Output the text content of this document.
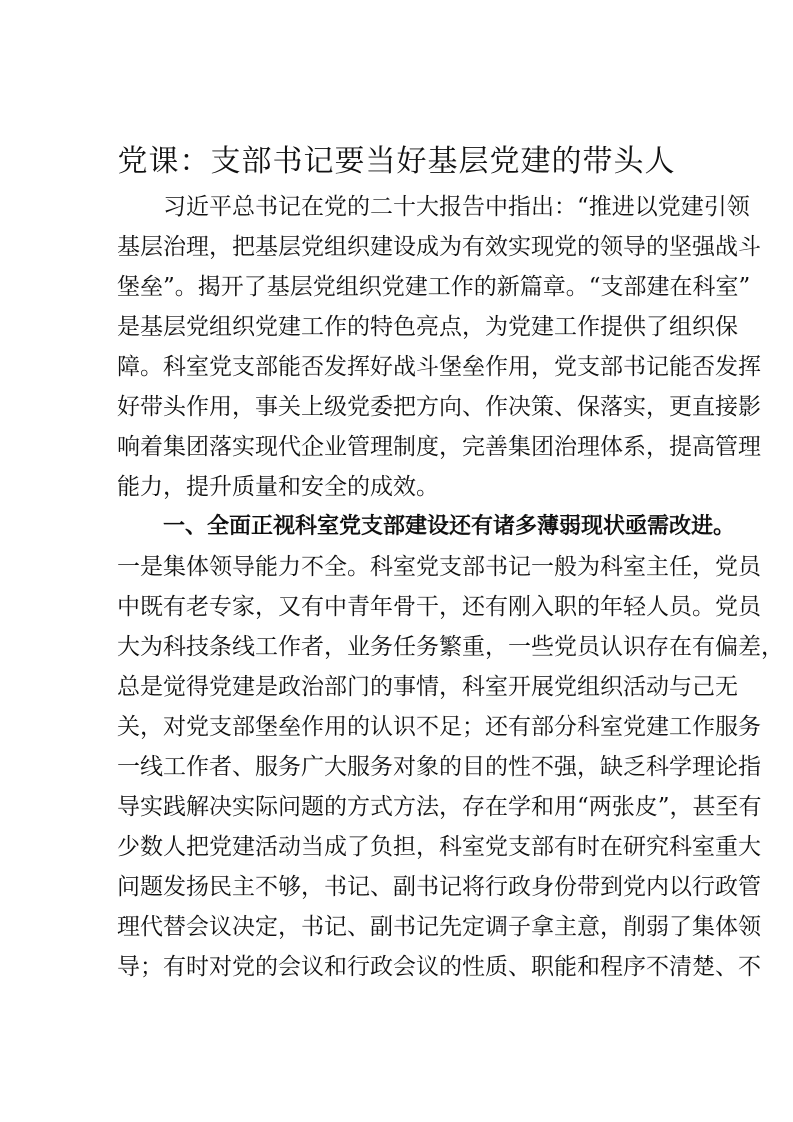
党课：支部书记要当好基层党建的带头人
习近平总书记在党的二十大报告中指出：“推进以党建引领
基层治理，把基层党组织建设成为有效实现党的领导的坚强战斗
堡垒”。揭开了基层党组织党建工作的新篇章。“支部建在科室”
是基层党组织党建工作的特色亮点，为党建工作提供了组织保
障。科室党支部能否发挥好战斗堡垒作用，党支部书记能否发挥
好带头作用，事关上级党委把方向、作决策、保落实，更直接影
响着集团落实现代企业管理制度，完善集团治理体系，提高管理
能力，提升质量和安全的成效。
一、全面正视科室党支部建设还有诸多薄弱现状亟需改进。
一是集体领导能力不全。科室党支部书记一般为科室主任，党员
中既有老专家，又有中青年骨干，还有刚入职的年轻人员。党员
大为科技条线工作者，业务任务繁重，一些党员认识存在有偏差，
总是觉得党建是政治部门的事情，科室开展党组织活动与己无
关，对党支部堡垒作用的认识不足；还有部分科室党建工作服务
一线工作者、服务广大服务对象的目的性不强，缺乏科学理论指
导实践解决实际问题的方式方法，存在学和用“两张皮”，甚至有
少数人把党建活动当成了负担，科室党支部有时在研究科室重大
问题发扬民主不够，书记、副书记将行政身份带到党内以行政管
理代替会议决定，书记、副书记先定调子拿主意，削弱了集体领
导；有时对党的会议和行政会议的性质、职能和程序不清楚、不
